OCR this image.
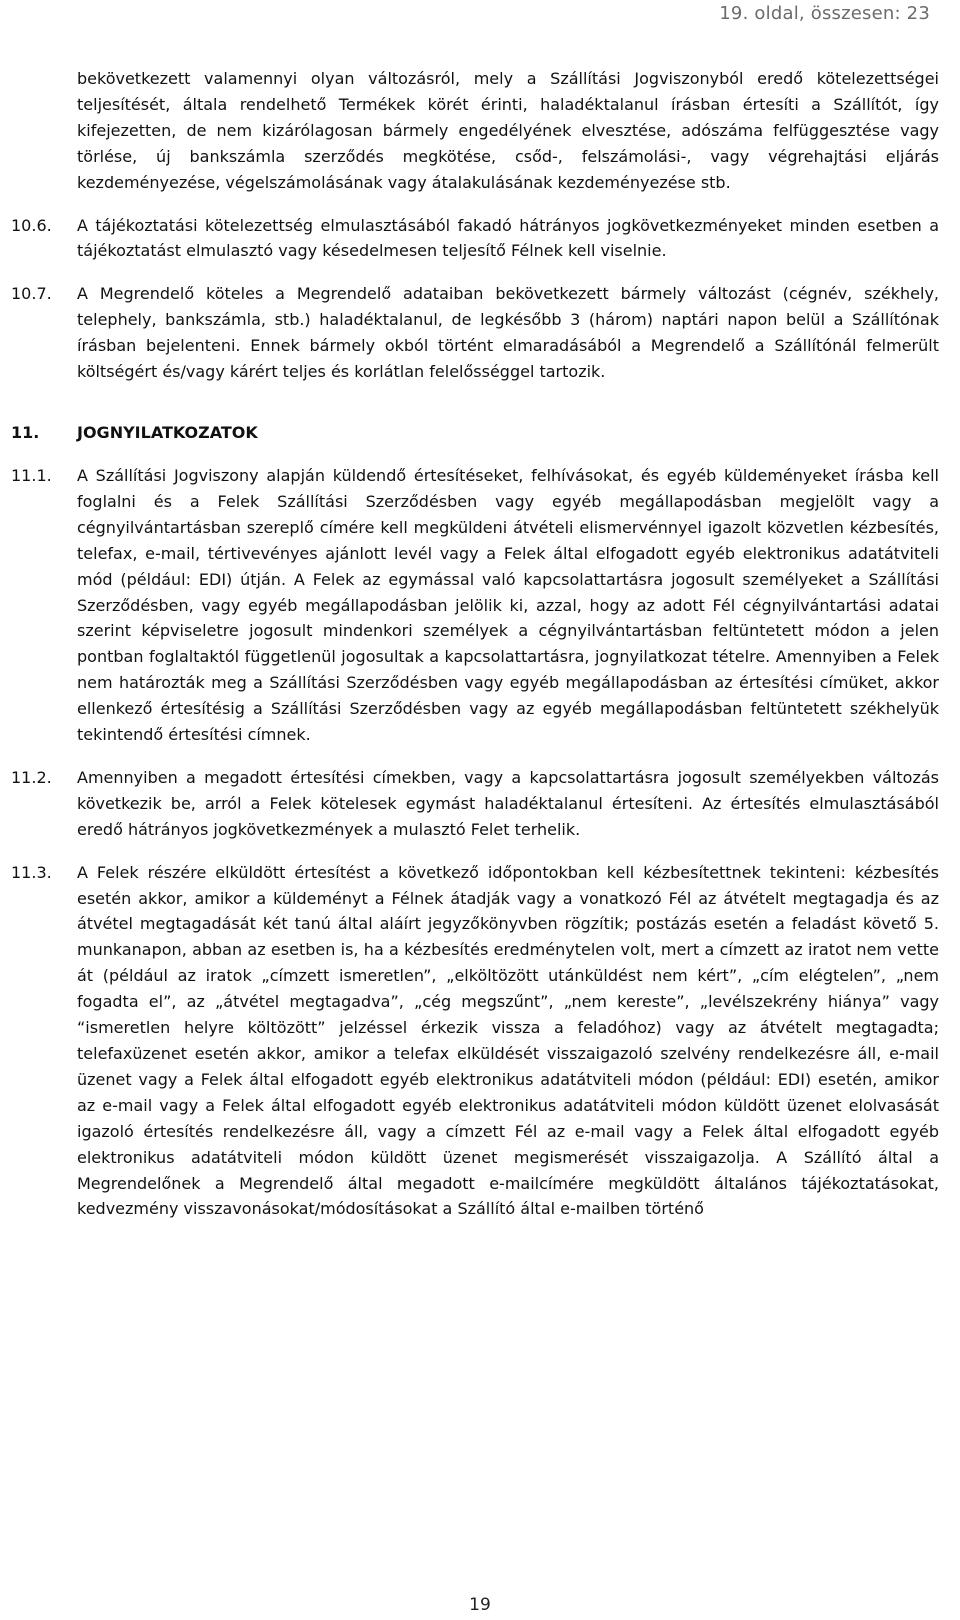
19. oldal, összesen: 23
bekövetkezett valamennyi olyan változásról, mely a Szállítási Jogviszonyból eredő kötelezettségei teljesítését, általa rendelhető Termékek körét érinti, haladéktalanul írásban értesíti a Szállítót, így kifejezetten, de nem kizárólagosan bármely engedélyének elvesztése, adószáma felfüggesztése vagy törlése, új bankszámla szerződés megkötése, csőd-, felszámolási-, vagy végrehajtási eljárás kezdeményezése, végelszámolásának vagy átalakulásának kezdeményezése stb.
10.6. A tájékoztatási kötelezettség elmulasztásából fakadó hátrányos jogkövetkezményeket minden esetben a tájékoztatást elmulasztó vagy késedelmesen teljesítő Félnek kell viselnie.
10.7. A Megrendelő köteles a Megrendelő adataiban bekövetkezett bármely változást (cégnév, székhely, telephely, bankszámla, stb.) haladéktalanul, de legkésőbb 3 (három) naptári napon belül a Szállítónak írásban bejelenteni. Ennek bármely okból történt elmaradásából a Megrendelő a Szállítónál felmerült költségért és/vagy kárért teljes és korlátlan felelősséggel tartozik.
11. JOGNYILATKOZATOK
11.1. A Szállítási Jogviszony alapján küldendő értesítéseket, felhívásokat, és egyéb küldeményeket írásba kell foglalni és a Felek Szállítási Szerződésben vagy egyéb megállapodásban megjelölt vagy a cégnyilvántartásban szereplő címére kell megküldeni átvételi elismervénnyel igazolt közvetlen kézbesítés, telefax, e-mail, tértivevényes ajánlott levél vagy a Felek által elfogadott egyéb elektronikus adatátviteli mód (például: EDI) útján. A Felek az egymással való kapcsolattartásra jogosult személyeket a Szállítási Szerződésben, vagy egyéb megállapodásban jelölik ki, azzal, hogy az adott Fél cégnyilvántartási adatai szerint képviseletre jogosult mindenkori személyek a cégnyilvántartásban feltüntetett módon a jelen pontban foglaltaktól függetlenül jogosultak a kapcsolattartásra, jognyilatkozat tételre. Amennyiben a Felek nem határozták meg a Szállítási Szerződésben vagy egyéb megállapodásban az értesítési címüket, akkor ellenkező értesítésig a Szállítási Szerződésben vagy az egyéb megállapodásban feltüntetett székhelyük tekintendő értesítési címnek.
11.2. Amennyiben a megadott értesítési címekben, vagy a kapcsolattartásra jogosult személyekben változás következik be, arról a Felek kötelesek egymást haladéktalanul értesíteni. Az értesítés elmulasztásából eredő hátrányos jogkövetkezmények a mulasztó Felet terhelik.
11.3. A Felek részére elküldött értesítést a következő időpontokban kell kézbesítettnek tekinteni: kézbesítés esetén akkor, amikor a küldeményt a Félnek átadják vagy a vonatkozó Fél az átvételt megtagadja és az átvétel megtagadását két tanú által aláírt jegyzőkönyvben rögzítik; postázás esetén a feladást követő 5. munkanapon, abban az esetben is, ha a kézbesítés eredménytelen volt, mert a címzett az iratot nem vette át (például az iratok „címzett ismeretlen”, „elköltözött utánküldést nem kért”, „cím elégtelen”, „nem fogadta el”, az „átvétel megtagadva”, „cég megszűnt”, „nem kereste”, „levélszekrény hiánya” vagy “ismeretlen helyre költözött” jelzéssel érkezik vissza a feladóhoz) vagy az átvételt megtagadta; telefaxüzenet esetén akkor, amikor a telefax elküldését visszaigazoló szelvény rendelkezésre áll, e-mail üzenet vagy a Felek által elfogadott egyéb elektronikus adatátviteli módon (például: EDI) esetén, amikor az e-mail vagy a Felek által elfogadott egyéb elektronikus adatátviteli módon küldött üzenet elolvasását igazoló értesítés rendelkezésre áll, vagy a címzett Fél az e-mail vagy a Felek által elfogadott egyéb elektronikus adatátviteli módon küldött üzenet megismerését visszaigazolja. A Szállító által a Megrendelőnek a Megrendelő által megadott e-mailcímére megküldött általános tájékoztatásokat, kedvezmény visszavonásokat/módosításokat a Szállító által e-mailben történő
19
